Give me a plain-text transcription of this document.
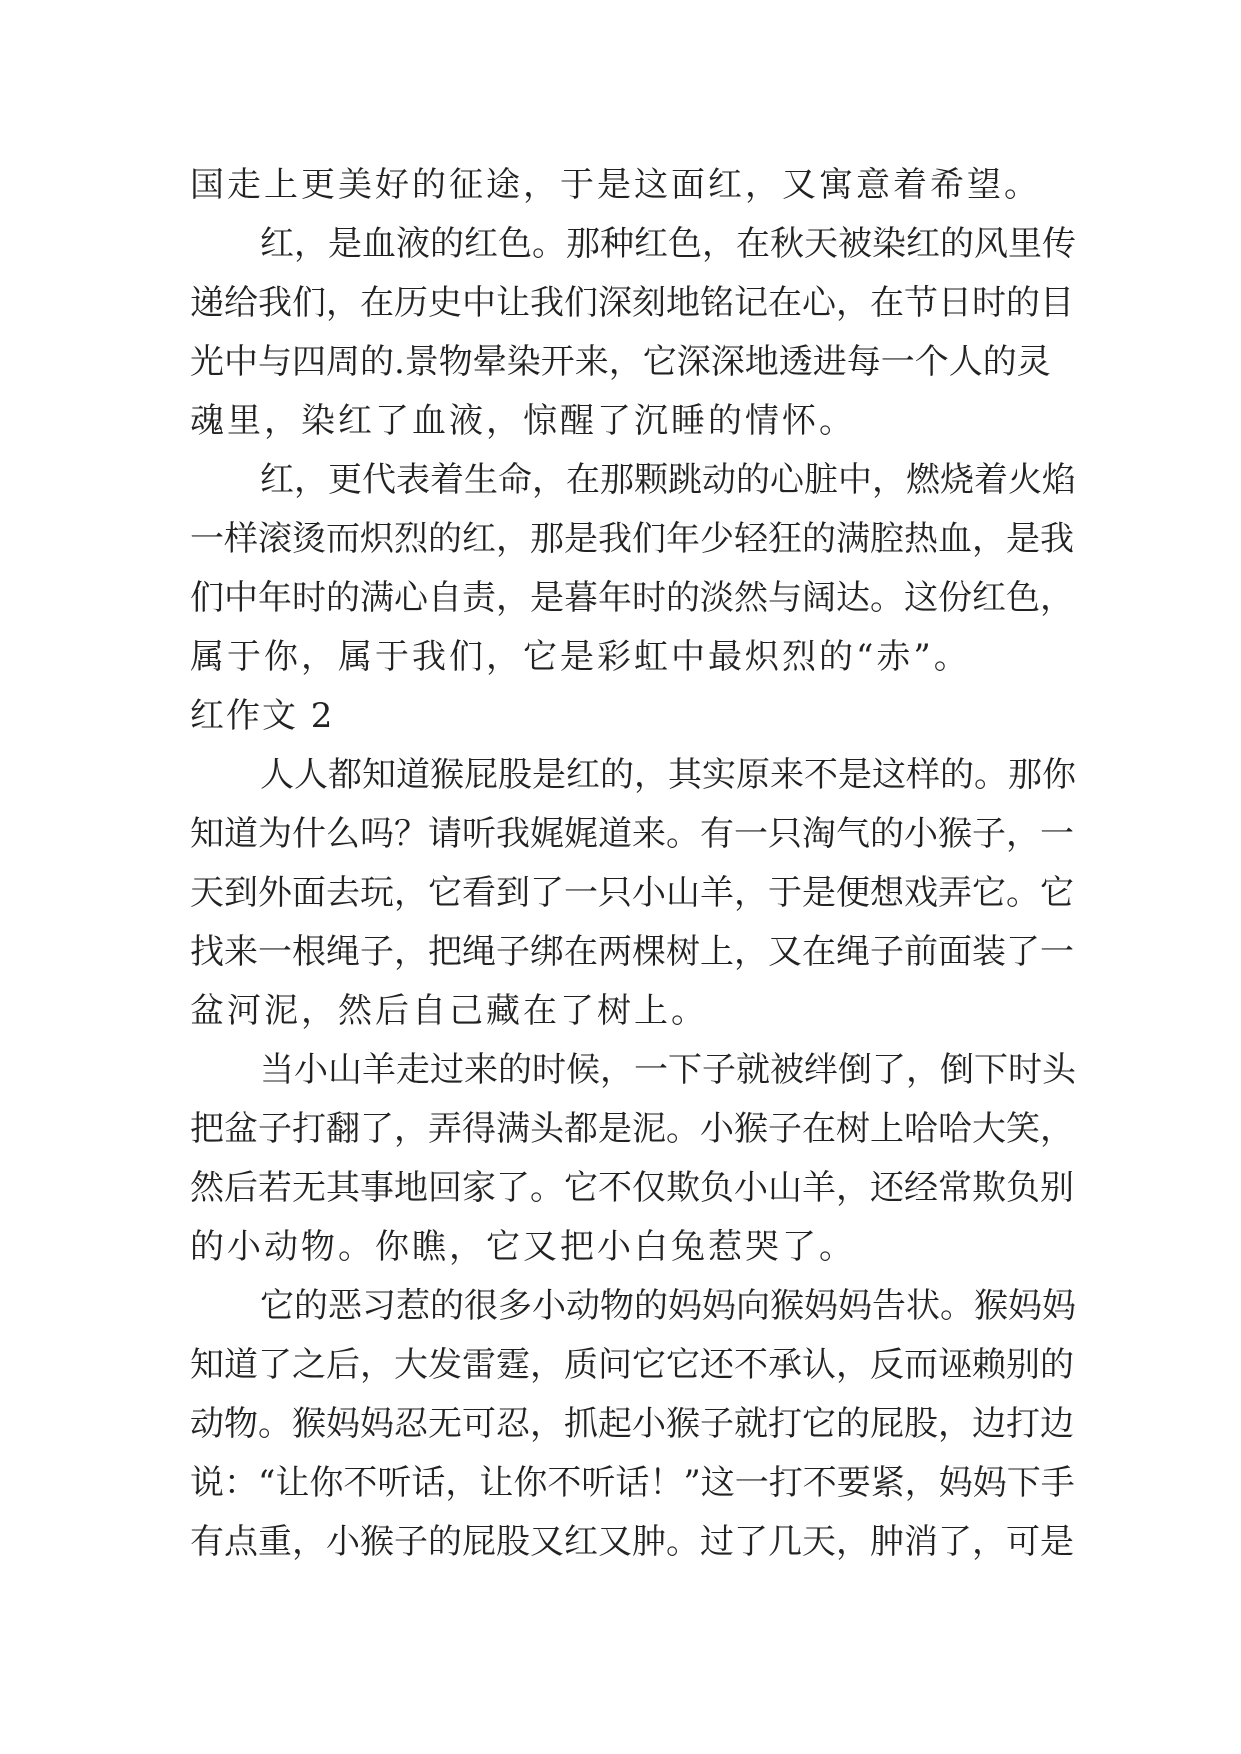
国走上更美好的征途，于是这面红，又寓意着希望。
红，是血液的红色。那种红色，在秋天被染红的风里传
递给我们，在历史中让我们深刻地铭记在心，在节日时的目
光中与四周的.景物晕染开来，它深深地透进每一个人的灵
魂里，染红了血液，惊醒了沉睡的情怀。
红，更代表着生命，在那颗跳动的心脏中，燃烧着火焰
一样滚烫而炽烈的红，那是我们年少轻狂的满腔热血，是我
们中年时的满心自责，是暮年时的淡然与阔达。这份红色，
属于你，属于我们，它是彩虹中最炽烈的“赤”。
红作文 2
人人都知道猴屁股是红的，其实原来不是这样的。那你
知道为什么吗？请听我娓娓道来。有一只淘气的小猴子，一
天到外面去玩，它看到了一只小山羊，于是便想戏弄它。它
找来一根绳子，把绳子绑在两棵树上，又在绳子前面装了一
盆河泥，然后自己藏在了树上。
当小山羊走过来的时候，一下子就被绊倒了，倒下时头
把盆子打翻了，弄得满头都是泥。小猴子在树上哈哈大笑，
然后若无其事地回家了。它不仅欺负小山羊，还经常欺负别
的小动物。你瞧，它又把小白兔惹哭了。
它的恶习惹的很多小动物的妈妈向猴妈妈告状。猴妈妈
知道了之后，大发雷霆，质问它它还不承认，反而诬赖别的
动物。猴妈妈忍无可忍，抓起小猴子就打它的屁股，边打边
说：“让你不听话，让你不听话！”这一打不要紧，妈妈下手
有点重，小猴子的屁股又红又肿。过了几天，肿消了，可是
